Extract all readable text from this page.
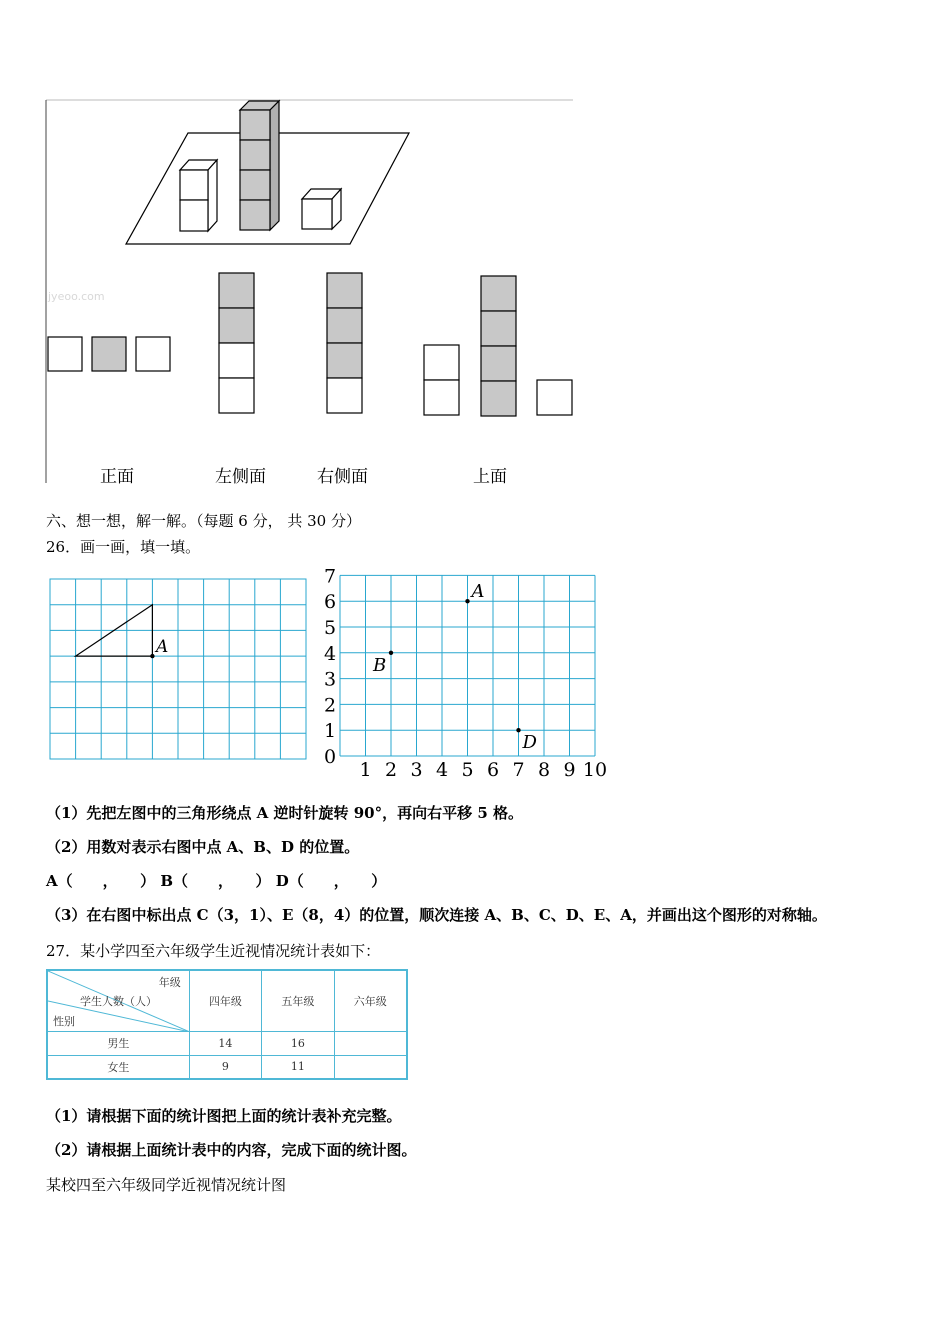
jyeoo.com
正面	左侧面	右侧面	上面
六、想一想，解一解。（每题 6 分， 共 30 分）
26．画一画，填一填。
A
0
1
2
3
4
5
6
7
1 2 3 4 5 6 7 8 9 10
A
B
D
（1）先把左图中的三角形绕点 A 逆时针旋转 90°，再向右平移 5 格。
（2）用数对表示右图中点 A、B、D 的位置。
A（　　，　　） B（　　，　　） D（　　，　　）
（3）在右图中标出点 C（3，1）、E（8，4）的位置，顺次连接 A、B、C、D、E、A，并画出这个图形的对称轴。
27．某小学四至六年级学生近视情况统计表如下：
年级
学生人数（人）
性别	四年级	五年级	六年级
男生	14	16	
女生	9	11	
（1）请根据下面的统计图把上面的统计表补充完整。
（2）请根据上面统计表中的内容，完成下面的统计图。
某校四至六年级同学近视情况统计图
